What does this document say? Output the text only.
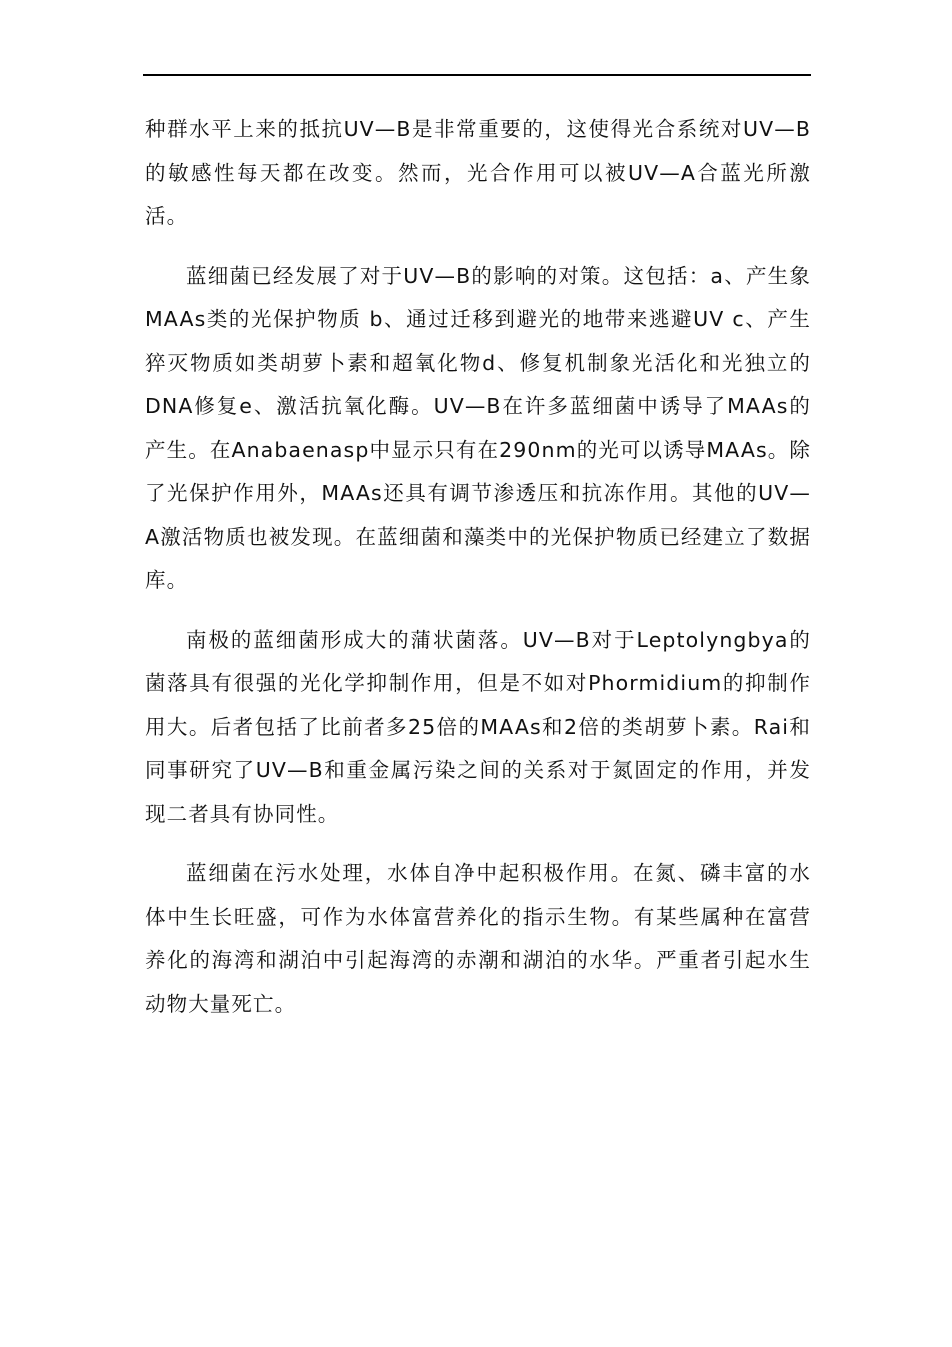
种群水平上来的抵抗UV—B是非常重要的，这使得光合系统对UV—B的敏感性每天都在改变。然而，光合作用可以被UV—A合蓝光所激活。

蓝细菌已经发展了对于UV—B的影响的对策。这包括：a、产生象MAAs类的光保护物质 b、通过迁移到避光的地带来逃避UV c、产生猝灭物质如类胡萝卜素和超氧化物d、修复机制象光活化和光独立的DNA修复e、激活抗氧化酶。UV—B在许多蓝细菌中诱导了MAAs的产生。在Anabaenasp中显示只有在290nm的光可以诱导MAAs。除了光保护作用外，MAAs还具有调节渗透压和抗冻作用。其他的UV—A激活物质也被发现。在蓝细菌和藻类中的光保护物质已经建立了数据库。

南极的蓝细菌形成大的蒲状菌落。UV—B对于Leptolyngbya的菌落具有很强的光化学抑制作用，但是不如对Phormidium的抑制作用大。后者包括了比前者多25倍的MAAs和2倍的类胡萝卜素。Rai和同事研究了UV—B和重金属污染之间的关系对于氮固定的作用，并发现二者具有协同性。

蓝细菌在污水处理，水体自净中起积极作用。在氮、磷丰富的水体中生长旺盛，可作为水体富营养化的指示生物。有某些属种在富营养化的海湾和湖泊中引起海湾的赤潮和湖泊的水华。严重者引起水生动物大量死亡。
